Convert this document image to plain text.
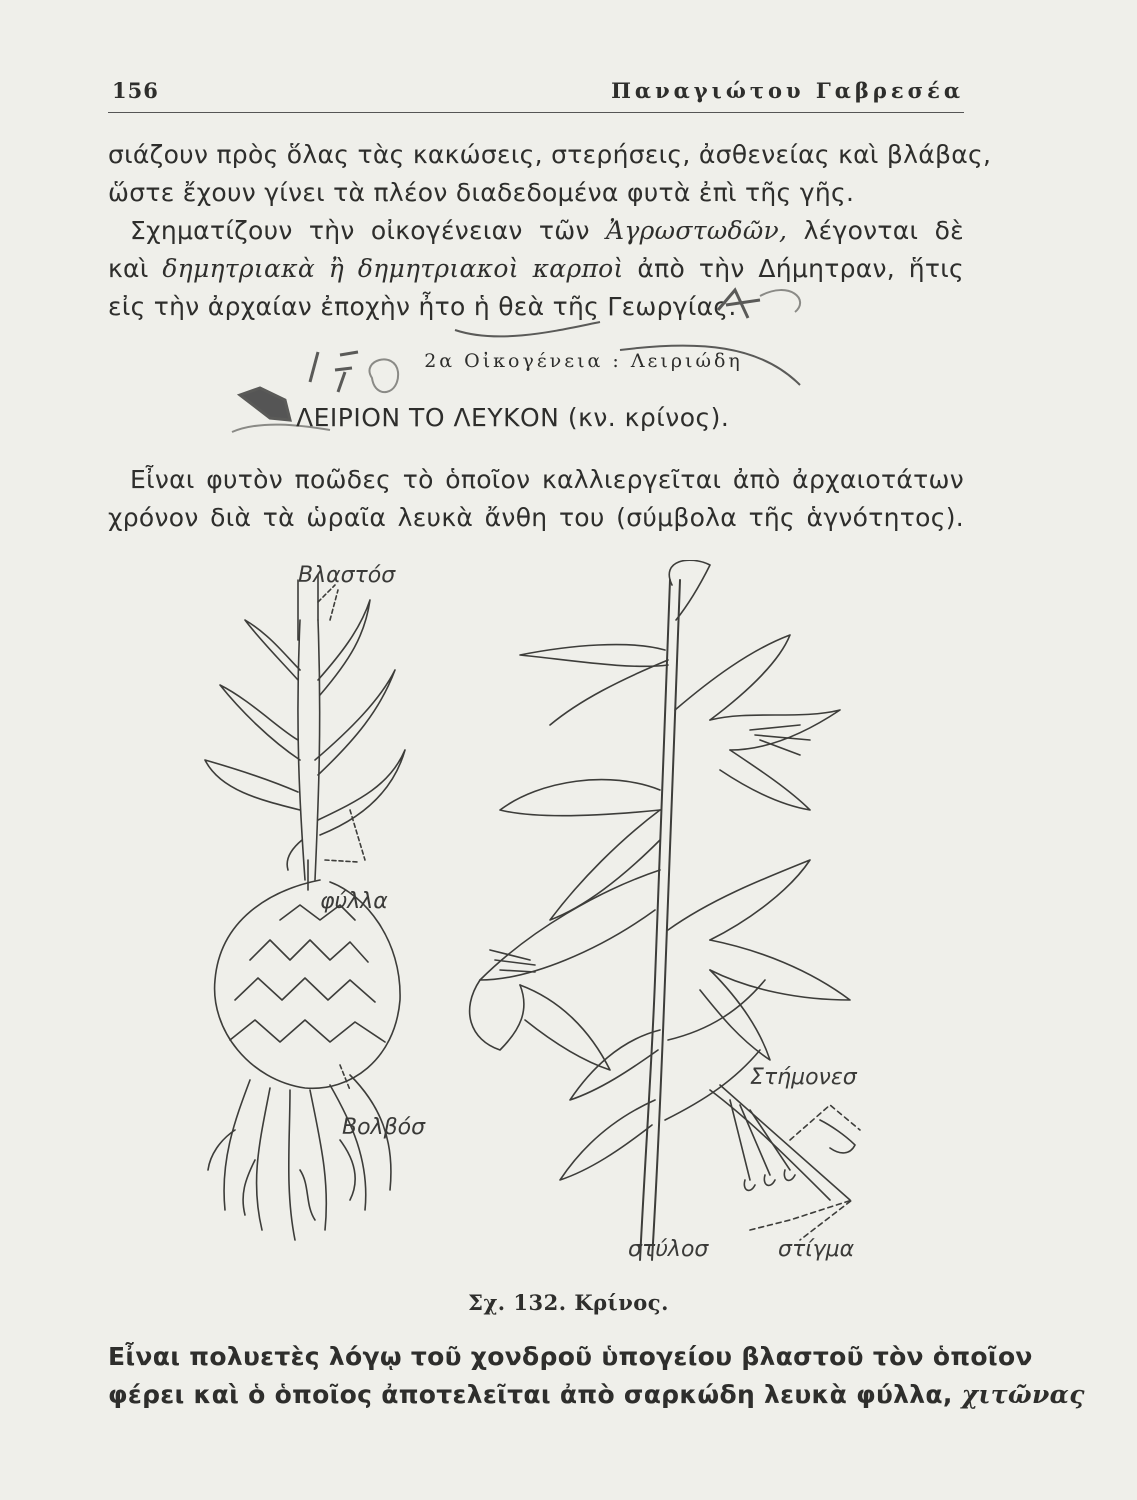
156	Παναγιώτου Γαβρεσέα
σιάζουν πρὸς ὅλας τὰς κακώσεις, στερήσεις, ἀσθενείας καὶ βλάβας,
ὥστε ἔχουν γίνει τὰ πλέον διαδεδομένα φυτὰ ἐπὶ τῆς γῆς.
Σχηματίζουν τὴν οἰκογένειαν τῶν Ἀγρωστωδῶν, λέγονται δὲ
καὶ δημητριακὰ ἢ δημητριακοὶ καρποὶ ἀπὸ τὴν Δήμητραν, ἥτις
εἰς τὴν ἀρχαίαν ἐποχὴν ἦτο ἡ θεὰ τῆς Γεωργίας.
2α Οἰκογένεια : Λειριώδη
ΛΕΙΡΙΟΝ ΤΟ ΛΕΥΚΟΝ (κν. κρίνος).
Εἶναι φυτὸν ποῶδες τὸ ὁποῖον καλλιεργεῖται ἀπὸ ἀρχαιοτάτων
χρόνον διὰ τὰ ὡραῖα λευκὰ ἄνθη του (σύμβολα τῆς ἁγνότητος).
Βλαστόσ
φύλλα
Βολβόσ
Στήμονεσ
στύλοσ	στίγμα
Σχ. 132. Κρίνος.
Εἶναι πολυετὲς λόγῳ τοῦ χονδροῦ ὑπογείου βλαστοῦ τὸν ὁποῖον
φέρει καὶ ὁ ὁποῖος ἀποτελεῖται ἀπὸ σαρκώδη λευκὰ φύλλα, χιτῶνας
